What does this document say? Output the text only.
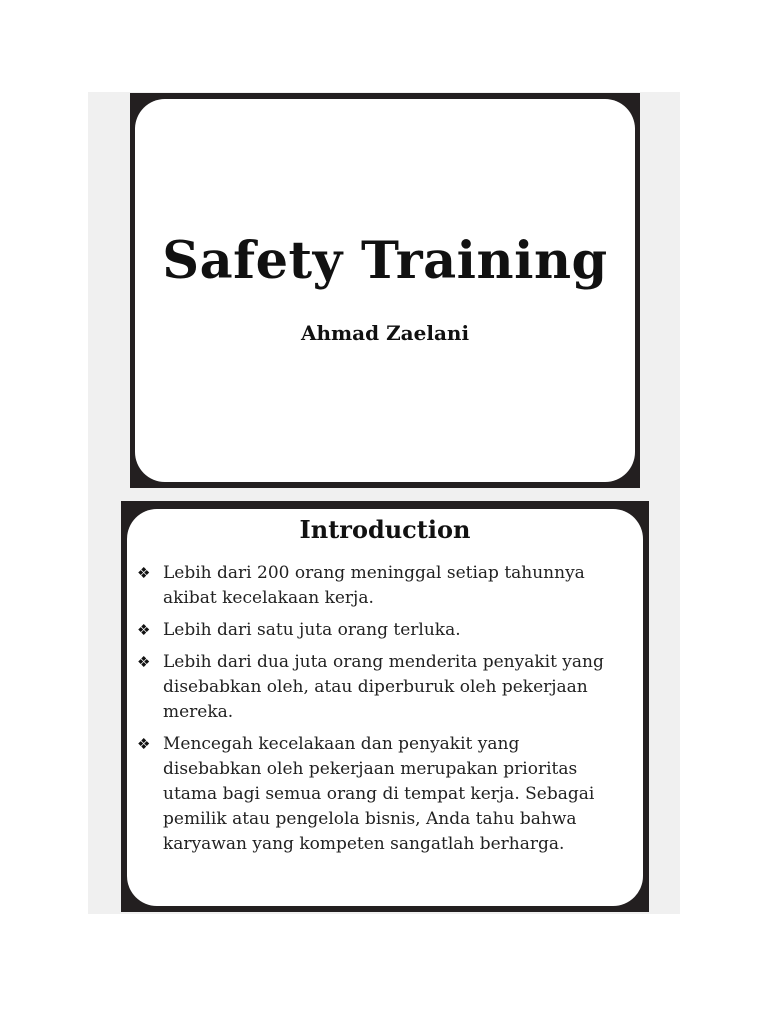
Safety Training
Ahmad Zaelani
Introduction
❖ Lebih dari 200 orang meninggal setiap tahunnya akibat kecelakaan kerja.
❖ Lebih dari satu juta orang terluka.
❖ Lebih dari dua juta orang menderita penyakit yang disebabkan oleh, atau diperburuk oleh pekerjaan mereka.
❖ Mencegah kecelakaan dan penyakit yang disebabkan oleh pekerjaan merupakan prioritas utama bagi semua orang di tempat kerja. Sebagai pemilik atau pengelola bisnis, Anda tahu bahwa karyawan yang kompeten sangatlah berharga.
